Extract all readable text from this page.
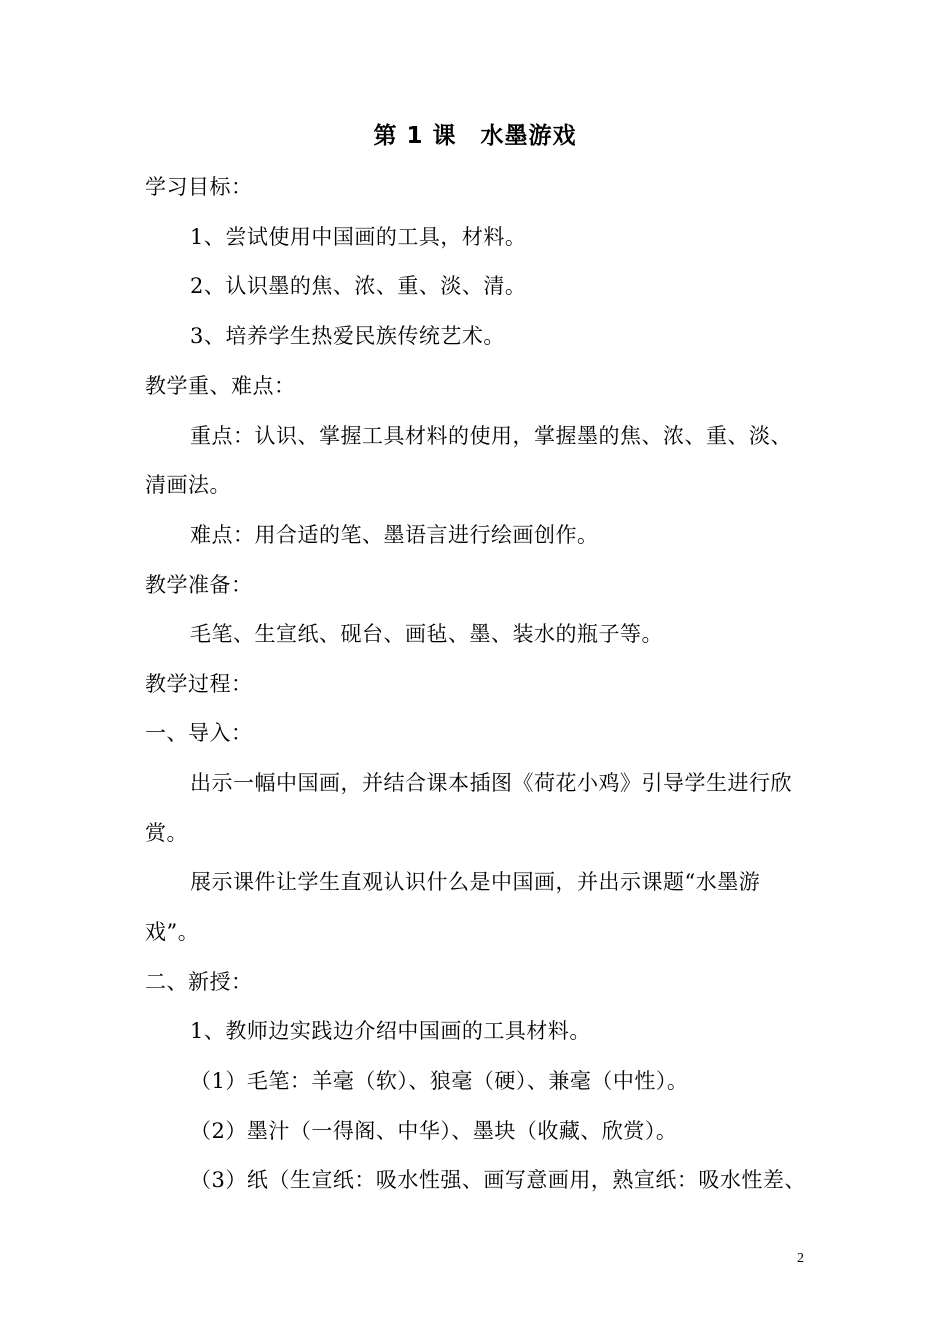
第 1 课　水墨游戏
学习目标：
1、尝试使用中国画的工具，材料。
2、认识墨的焦、浓、重、淡、清。
3、培养学生热爱民族传统艺术。
教学重、难点：
重点：认识、掌握工具材料的使用，掌握墨的焦、浓、重、淡、
清画法。
难点：用合适的笔、墨语言进行绘画创作。
教学准备：
毛笔、生宣纸、砚台、画毡、墨、装水的瓶子等。
教学过程：
一、导入：
出示一幅中国画，并结合课本插图《荷花小鸡》引导学生进行欣
赏。
展示课件让学生直观认识什么是中国画，并出示课题“水墨游
戏”。
二、新授：
1、教师边实践边介绍中国画的工具材料。
（1）毛笔：羊毫（软）、狼毫（硬）、兼毫（中性）。
（2）墨汁（一得阁、中华）、墨块（收藏、欣赏）。
（3）纸（生宣纸：吸水性强、画写意画用，熟宣纸：吸水性差、
2
